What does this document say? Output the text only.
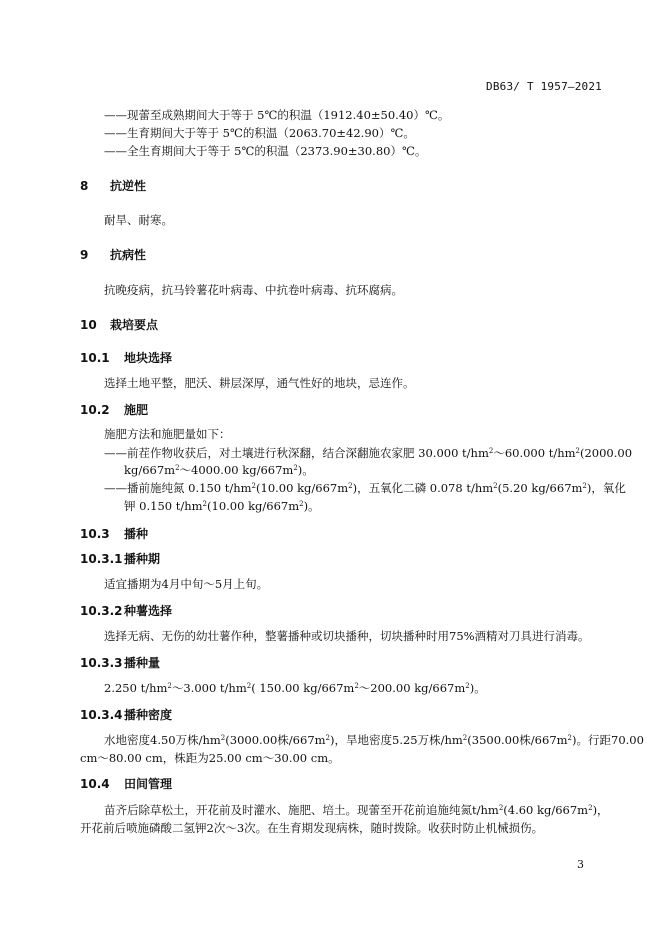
DB63/ T 1957—2021
——现蕾至成熟期间大于等于 5℃的积温（1912.40±50.40）℃。
——生育期间大于等于 5℃的积温（2063.70±42.90）℃。
——全生育期间大于等于 5℃的积温（2373.90±30.80）℃。
8 抗逆性
耐旱、耐寒。
9 抗病性
抗晚疫病，抗马铃薯花叶病毒、中抗卷叶病毒、抗环腐病。
10 栽培要点
10.1 地块选择
选择土地平整，肥沃、耕层深厚，通气性好的地块，忌连作。
10.2 施肥
施肥方法和施肥量如下：
——前茬作物收获后，对土壤进行秋深翻，结合深翻施农家肥 30.000 $t/hm^2\sim 60.000$ $t/hm^2(2000.00$
$kg/667m^2\sim 4000.00$ $kg/667m^2$)。
——播前施纯氮 0.150 $t/hm^2(10.00$ $kg/667m^2$)，五氧化二磷 0.078 $t/hm^2(5.20$ $kg/667m^2$)，氧化
钾 0.150 $t/hm^2(10.00$ $kg/667m^2$)。
10.3 播种
10.3.1播种期
适宜播期为4月中旬～5月上旬。
10.3.2种薯选择
选择无病、无伤的幼壮薯作种，整薯播种或切块播种，切块播种时用75%酒精对刀具进行消毒。
10.3.3播种量
2.250 $t/hm^2\sim 3.000$ $t/hm^2$( 150.00 $kg/667m^2\sim 200.00$ $kg/667m^2$)。
10.3.4播种密度
水地密度4.50万株$/hm^2(3000.00$株$/667m^2$)，旱地密度5.25万株$/hm^2(3500.00$株$/667m^2$)。行距70.00
cm～80.00 cm，株距为25.00 cm～30.00 cm。
10.4 田间管理
苗齐后除草松土，开花前及时灌水、施肥、培土。现蕾至开花前追施纯氮$t/hm^2(4.60$ $kg/667m^2$)，
开花前后喷施磷酸二氢钾2次～3次。在生育期发现病株，随时拨除。收获时防止机械损伤。
3
